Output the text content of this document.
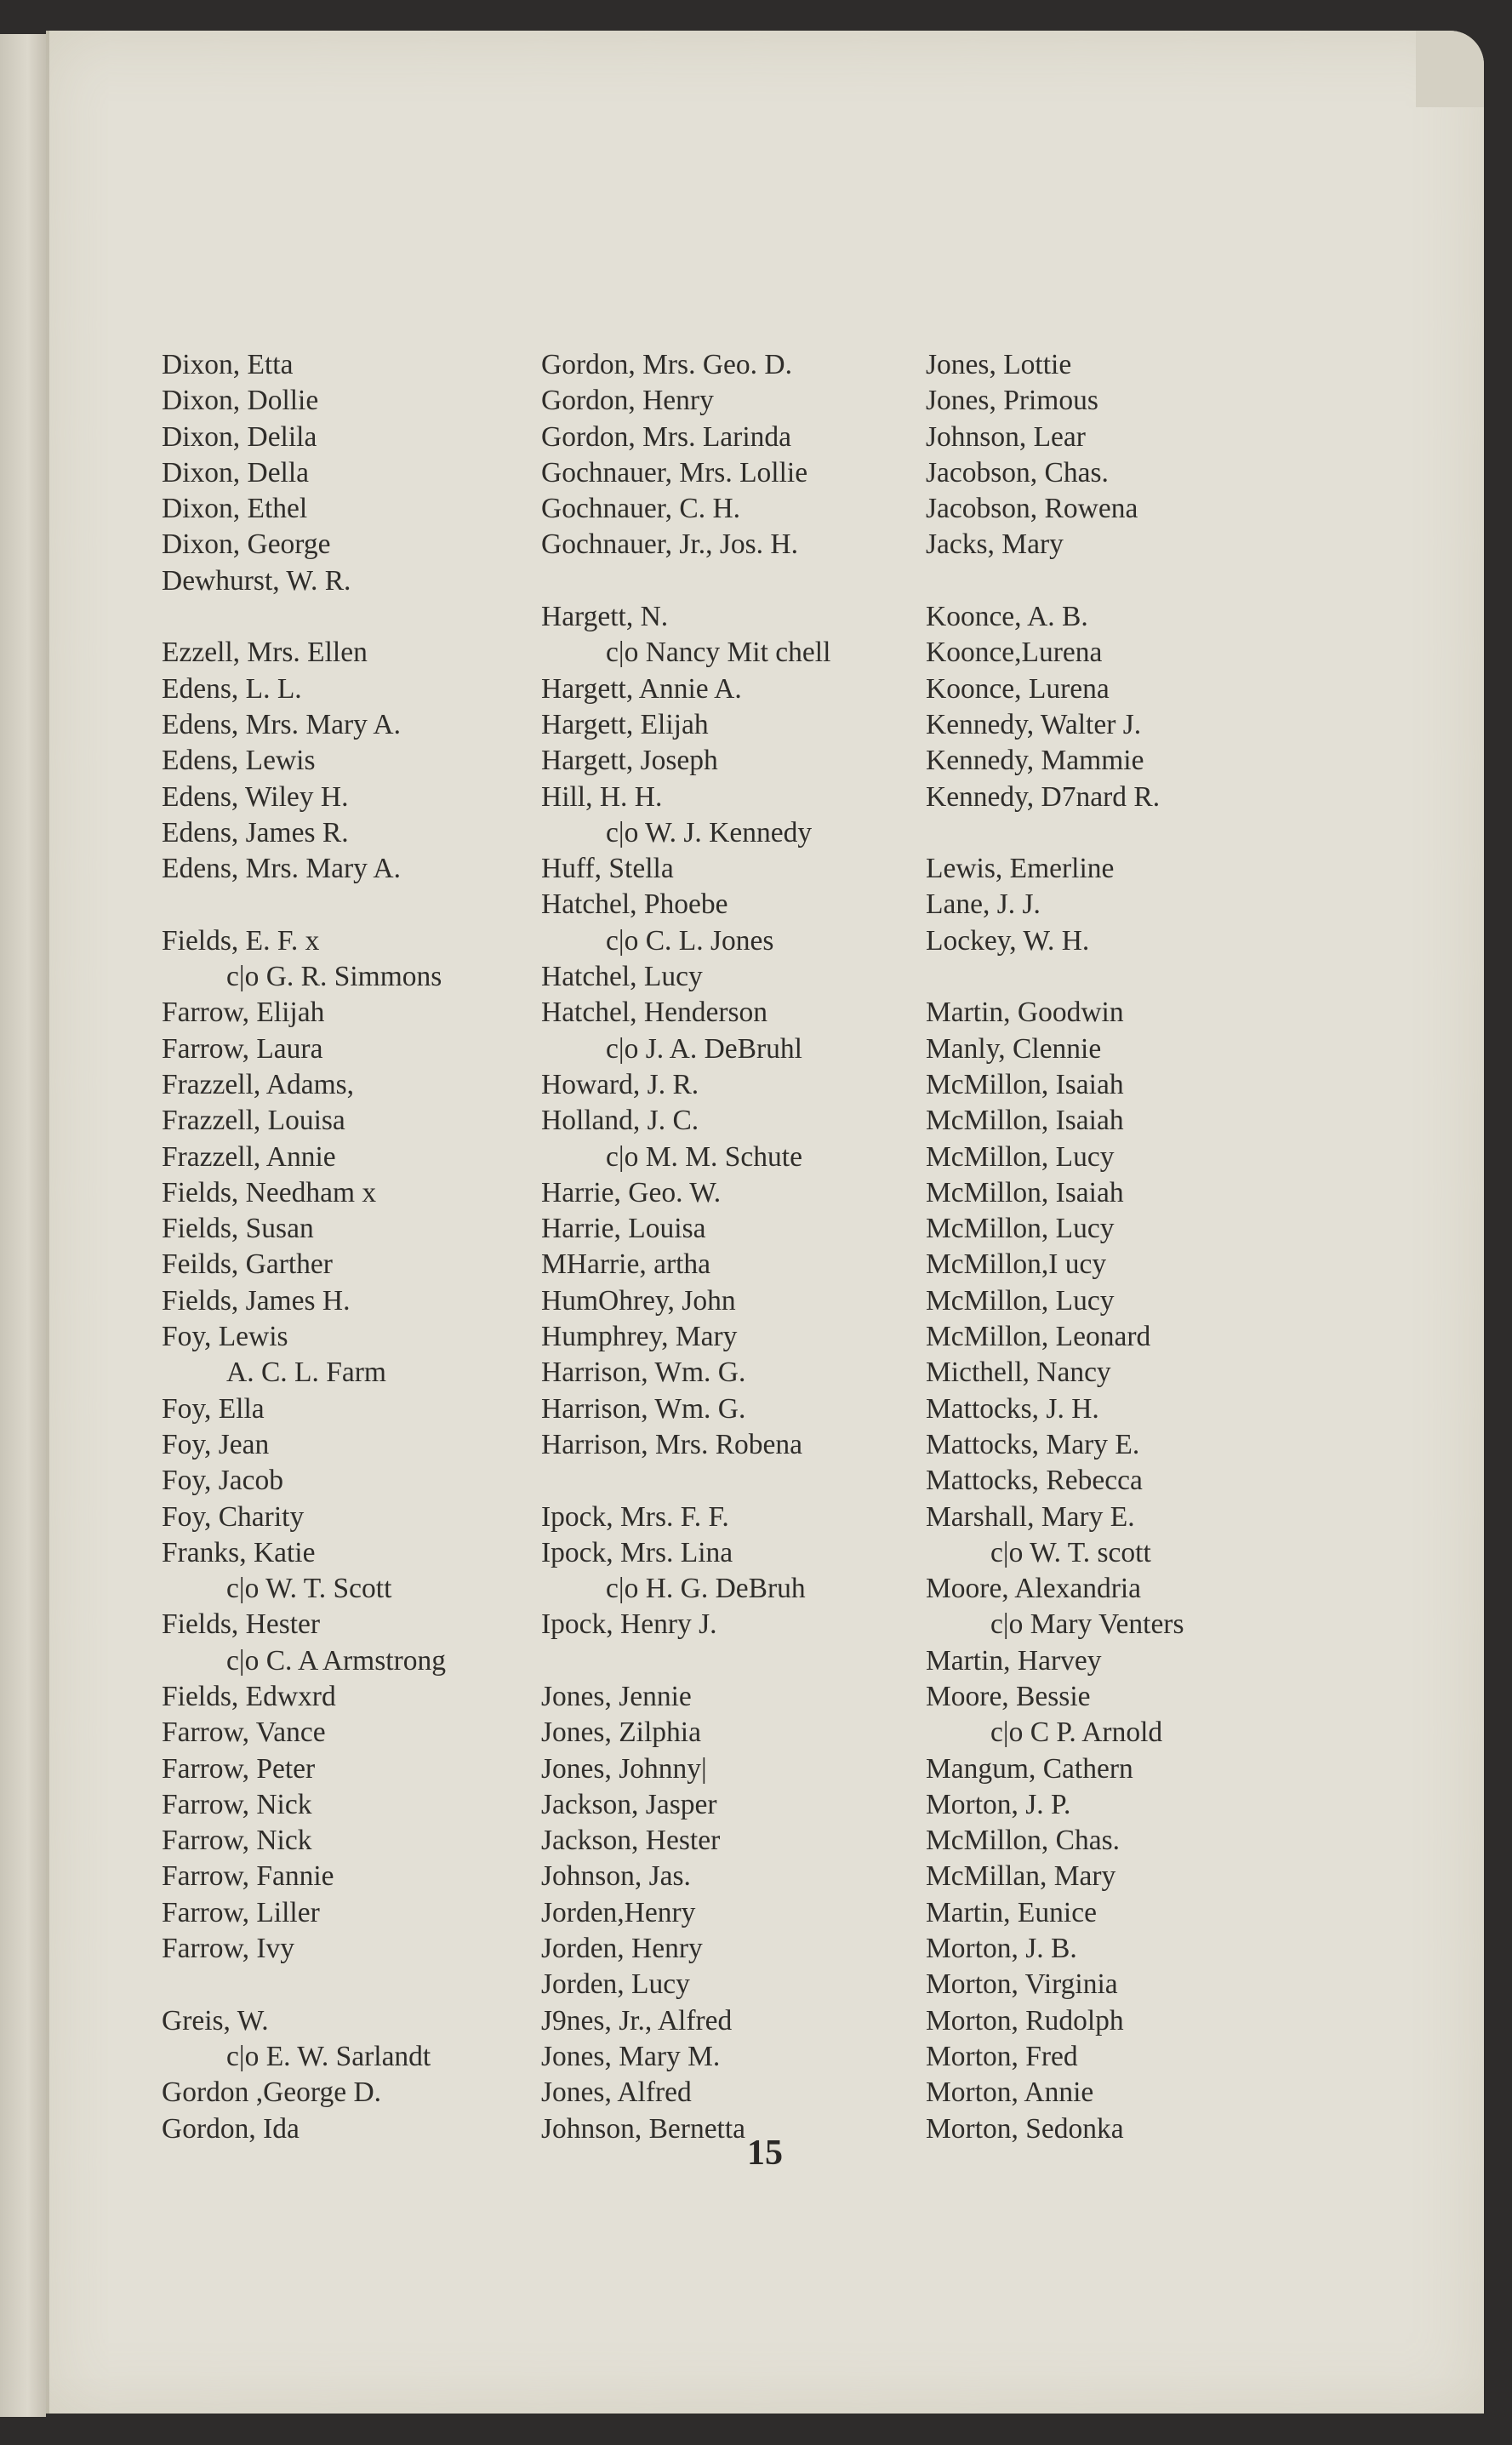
Dixon, Etta
Dixon, Dollie
Dixon, Delila
Dixon, Della
Dixon, Ethel
Dixon, George
Dewhurst, W. R.
Ezzell, Mrs. Ellen
Edens, L. L.
Edens, Mrs. Mary A.
Edens, Lewis
Edens, Wiley H.
Edens, James R.
Edens, Mrs. Mary A.
Fields, E. F. x
c|o G. R. Simmons
Farrow, Elijah
Farrow, Laura
Frazzell, Adams,
Frazzell, Louisa
Frazzell, Annie
Fields, Needham x
Fields, Susan
Feilds, Garther
Fields, James H.
Foy, Lewis
A. C. L. Farm
Foy, Ella
Foy, Jean
Foy, Jacob
Foy, Charity
Franks, Katie
c|o W. T. Scott
Fields, Hester
c|o C. A Armstrong
Fields, Edwxrd
Farrow, Vance
Farrow, Peter
Farrow, Nick
Farrow, Nick
Farrow, Fannie
Farrow, Liller
Farrow, Ivy
Greis, W.
c|o E. W. Sarlandt
Gordon ,George D.
Gordon, Ida
Gordon, Mrs. Geo. D.
Gordon, Henry
Gordon, Mrs. Larinda
Gochnauer, Mrs. Lollie
Gochnauer, C. H.
Gochnauer, Jr., Jos. H.
Hargett, N.
c|o Nancy Mit chell
Hargett, Annie A.
Hargett, Elijah
Hargett, Joseph
Hill, H. H.
c|o W. J. Kennedy
Huff, Stella
Hatchel, Phoebe
c|o C. L. Jones
Hatchel, Lucy
Hatchel, Henderson
c|o J. A. DeBruhl
Howard, J. R.
Holland, J. C.
c|o M. M. Schute
Harrie, Geo. W.
Harrie, Louisa
MHarrie, artha
HumOhrey, John
Humphrey, Mary
Harrison, Wm. G.
Harrison, Wm. G.
Harrison, Mrs. Robena
Ipock, Mrs. F. F.
Ipock, Mrs. Lina
c|o H. G. DeBruh
Ipock, Henry J.
Jones, Jennie
Jones, Zilphia
Jones, Johnny|
Jackson, Jasper
Jackson, Hester
Johnson, Jas.
Jorden,Henry
Jorden, Henry
Jorden, Lucy
J9nes, Jr., Alfred
Jones, Mary M.
Jones, Alfred
Johnson, Bernetta
Jones, Lottie
Jones, Primous
Johnson, Lear
Jacobson, Chas.
Jacobson, Rowena
Jacks, Mary
Koonce, A. B.
Koonce,Lurena
Koonce, Lurena
Kennedy, Walter J.
Kennedy, Mammie
Kennedy, D7nard R.
Lewis, Emerline
Lane, J. J.
Lockey, W. H.
Martin, Goodwin
Manly, Clennie
McMillon, Isaiah
McMillon, Isaiah
McMillon, Lucy
McMillon, Isaiah
McMillon, Lucy
McMillon,I ucy
McMillon, Lucy
McMillon, Leonard
Micthell, Nancy
Mattocks, J. H.
Mattocks, Mary E.
Mattocks, Rebecca
Marshall, Mary E.
c|o W. T. scott
Moore, Alexandria
c|o Mary Venters
Martin, Harvey
Moore, Bessie
c|o C P. Arnold
Mangum, Cathern
Morton, J. P.
McMillon, Chas.
McMillan, Mary
Martin, Eunice
Morton, J. B.
Morton, Virginia
Morton, Rudolph
Morton, Fred
Morton, Annie
Morton, Sedonka
15
